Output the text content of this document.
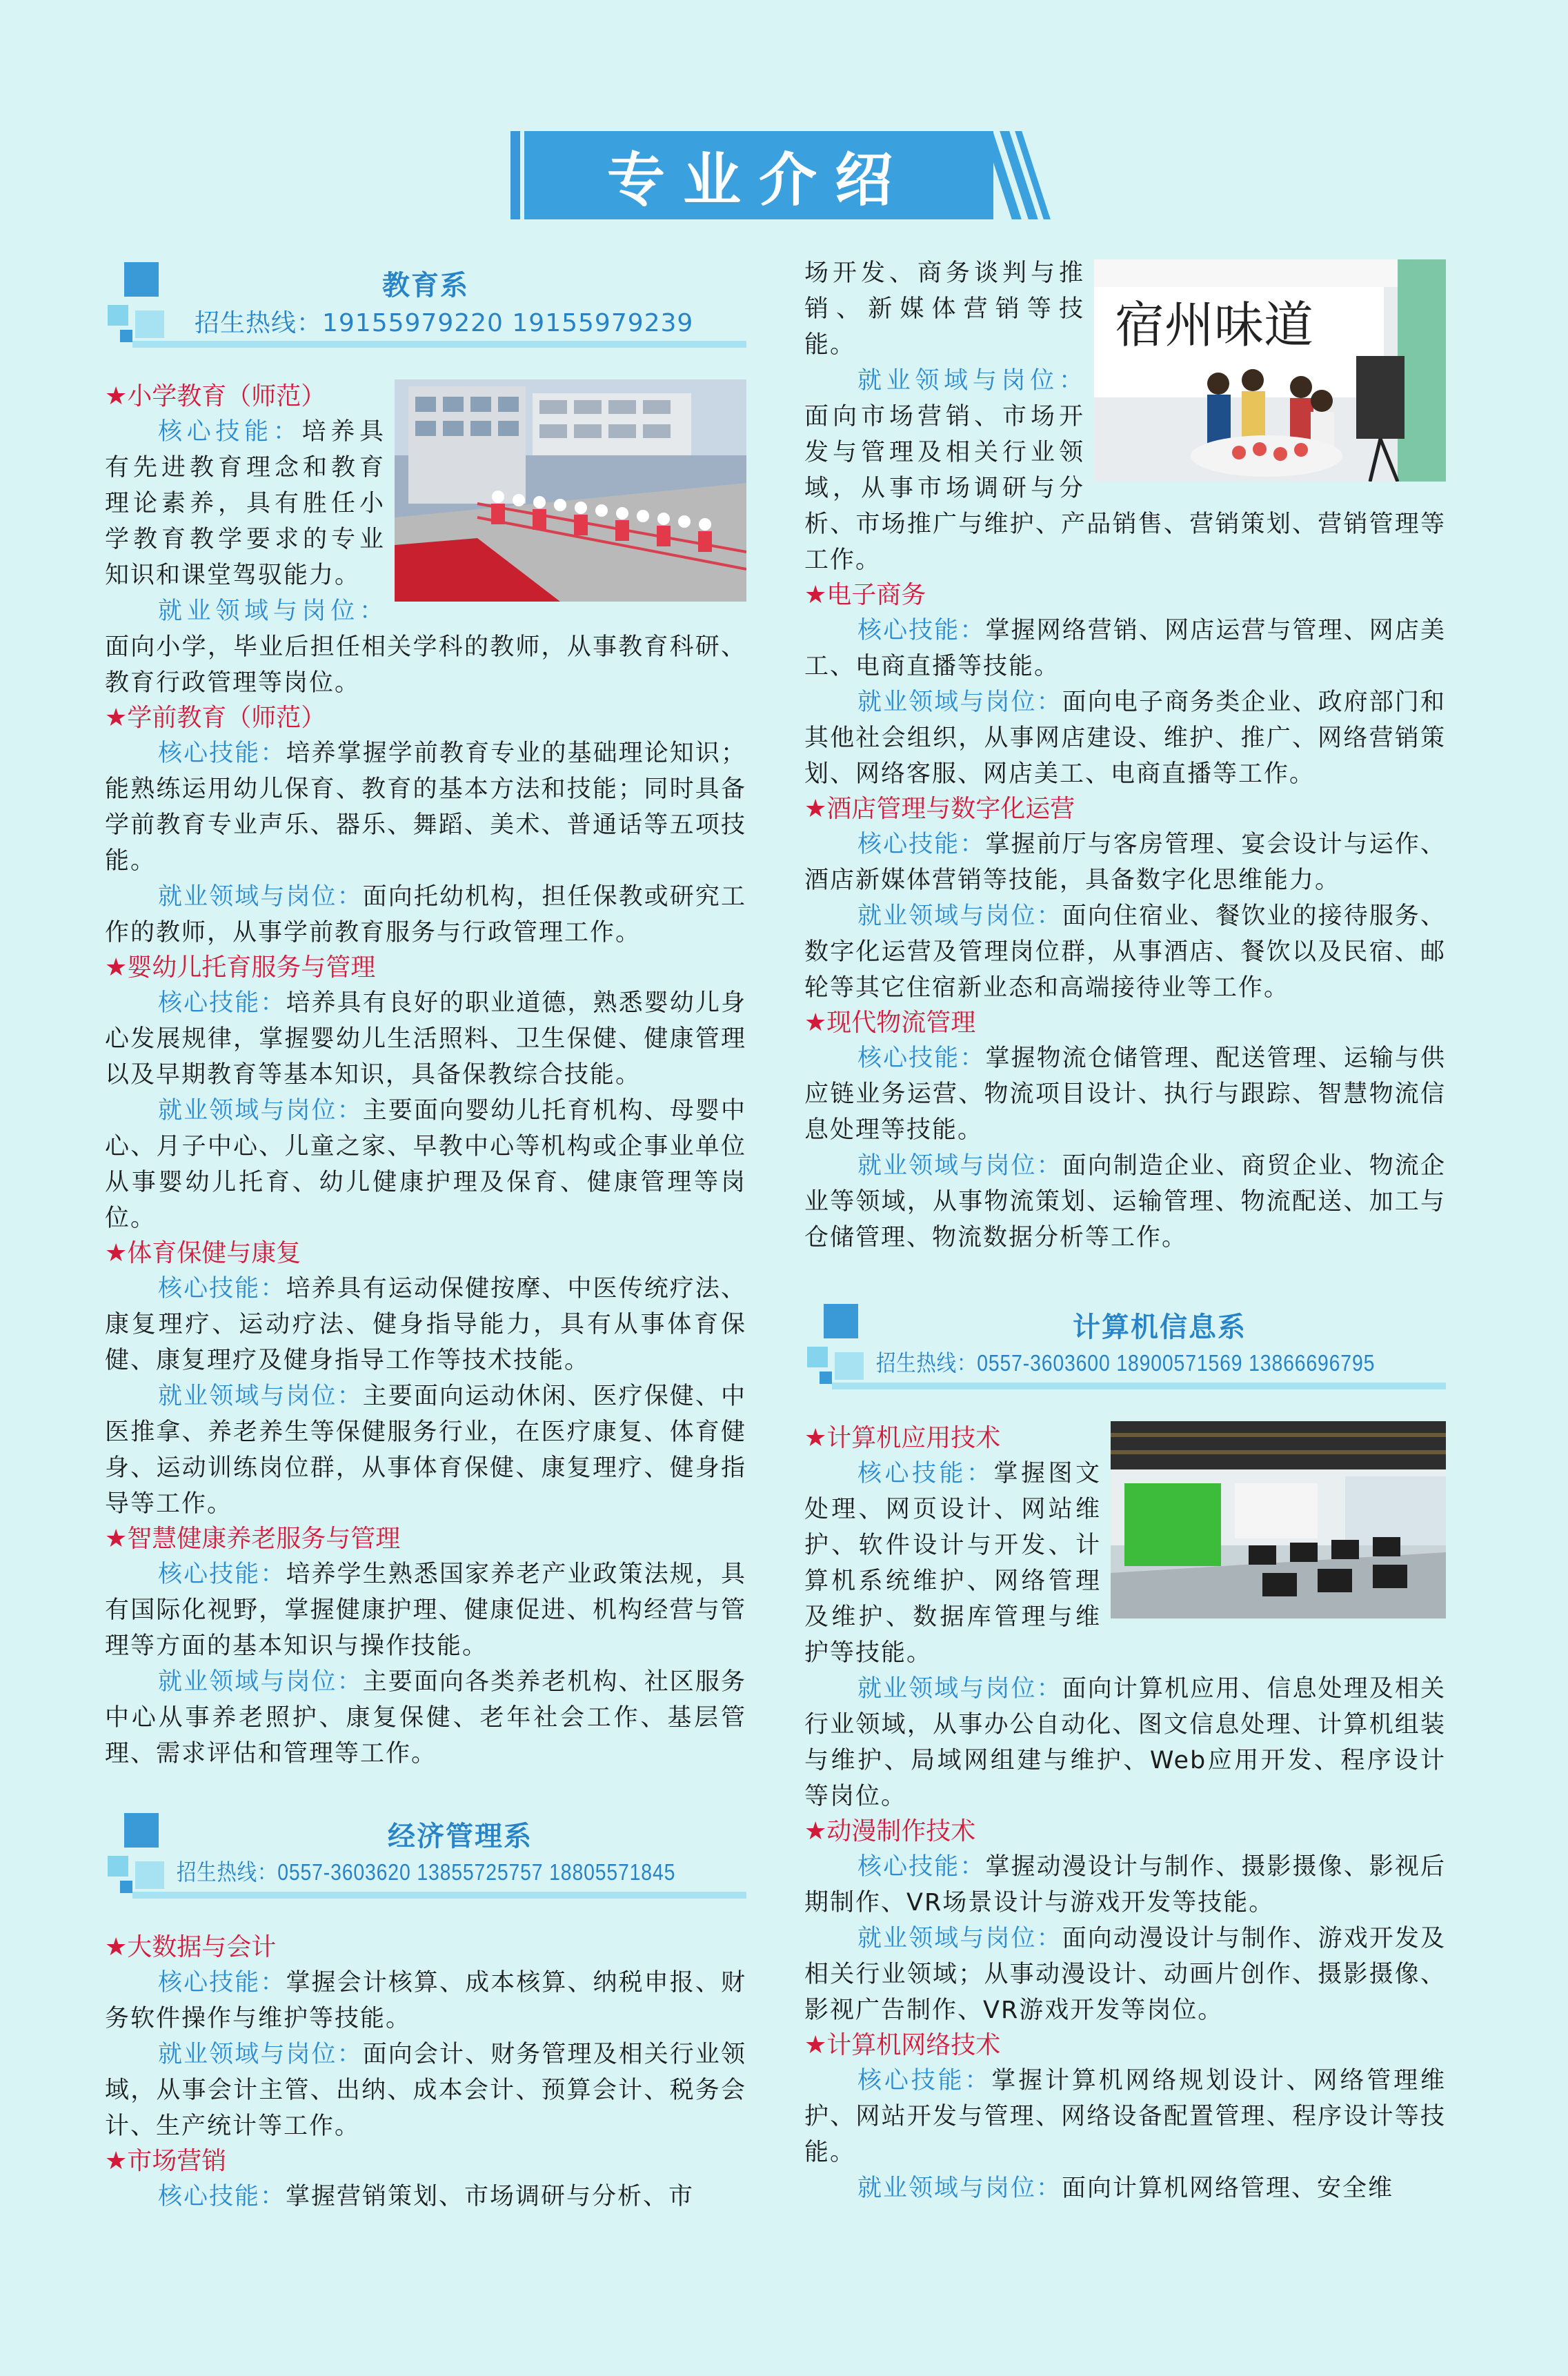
专业介绍
教育系
招生热线：19155979220 19155979239
★小学教育（师范）

核心技能：培养具有先进教育理念和教育理论素养，具有胜任小学教育教学要求的专业知识和课堂驾驭能力。

就业领域与岗位：面向小学，毕业后担任相关学科的教师，从事教育科研、教育行政管理等岗位。

★学前教育（师范）

核心技能：培养掌握学前教育专业的基础理论知识；能熟练运用幼儿保育、教育的基本方法和技能；同时具备学前教育专业声乐、器乐、舞蹈、美术、普通话等五项技能。

就业领域与岗位：面向托幼机构，担任保教或研究工作的教师，从事学前教育服务与行政管理工作。

★婴幼儿托育服务与管理

核心技能：培养具有良好的职业道德，熟悉婴幼儿身心发展规律，掌握婴幼儿生活照料、卫生保健、健康管理以及早期教育等基本知识，具备保教综合技能。

就业领域与岗位：主要面向婴幼儿托育机构、母婴中心、月子中心、儿童之家、早教中心等机构或企事业单位从事婴幼儿托育、幼儿健康护理及保育、健康管理等岗位。

★体育保健与康复

核心技能：培养具有运动保健按摩、中医传统疗法、康复理疗、运动疗法、健身指导能力，具有从事体育保健、康复理疗及健身指导工作等技术技能。

就业领域与岗位：主要面向运动休闲、医疗保健、中医推拿、养老养生等保健服务行业，在医疗康复、体育健身、运动训练岗位群，从事体育保健、康复理疗、健身指导等工作。

★智慧健康养老服务与管理

核心技能：培养学生熟悉国家养老产业政策法规，具有国际化视野，掌握健康护理、健康促进、机构经营与管理等方面的基本知识与操作技能。

就业领域与岗位：主要面向各类养老机构、社区服务中心从事养老照护、康复保健、老年社会工作、基层管理、需求评估和管理等工作。

经济管理系
招生热线：0557-3603620 13855725757 18805571845
★大数据与会计

核心技能：掌握会计核算、成本核算、纳税申报、财务软件操作与维护等技能。

就业领域与岗位：面向会计、财务管理及相关行业领域，从事会计主管、出纳、成本会计、预算会计、税务会计、生产统计等工作。

★市场营销

核心技能：掌握营销策划、市场调研与分析、市

宿州味道

场开发、商务谈判与推销、新媒体营销等技能。

就业领域与岗位：面向市场营销、市场开发与管理及相关行业领域，从事市场调研与分析、市场推广与维护、产品销售、营销策划、营销管理等工作。

★电子商务

核心技能：掌握网络营销、网店运营与管理、网店美工、电商直播等技能。

就业领域与岗位：面向电子商务类企业、政府部门和其他社会组织，从事网店建设、维护、推广、网络营销策划、网络客服、网店美工、电商直播等工作。

★酒店管理与数字化运营

核心技能：掌握前厅与客房管理、宴会设计与运作、酒店新媒体营销等技能，具备数字化思维能力。

就业领域与岗位：面向住宿业、餐饮业的接待服务、数字化运营及管理岗位群，从事酒店、餐饮以及民宿、邮轮等其它住宿新业态和高端接待业等工作。

★现代物流管理

核心技能：掌握物流仓储管理、配送管理、运输与供应链业务运营、物流项目设计、执行与跟踪、智慧物流信息处理等技能。

就业领域与岗位：面向制造企业、商贸企业、物流企业等领域，从事物流策划、运输管理、物流配送、加工与仓储管理、物流数据分析等工作。

计算机信息系
招生热线：0557-3603600 18900571569 13866696795
★计算机应用技术

核心技能：掌握图文处理、网页设计、网站维护、软件设计与开发、计算机系统维护、网络管理及维护、数据库管理与维护等技能。

就业领域与岗位：面向计算机应用、信息处理及相关行业领域，从事办公自动化、图文信息处理、计算机组装与维护、局域网组建与维护、Web应用开发、程序设计等岗位。

★动漫制作技术

核心技能：掌握动漫设计与制作、摄影摄像、影视后期制作、VR场景设计与游戏开发等技能。

就业领域与岗位：面向动漫设计与制作、游戏开发及相关行业领域；从事动漫设计、动画片创作、摄影摄像、影视广告制作、VR游戏开发等岗位。

★计算机网络技术

核心技能：掌握计算机网络规划设计、网络管理维护、网站开发与管理、网络设备配置管理、程序设计等技能。

就业领域与岗位：面向计算机网络管理、安全维
